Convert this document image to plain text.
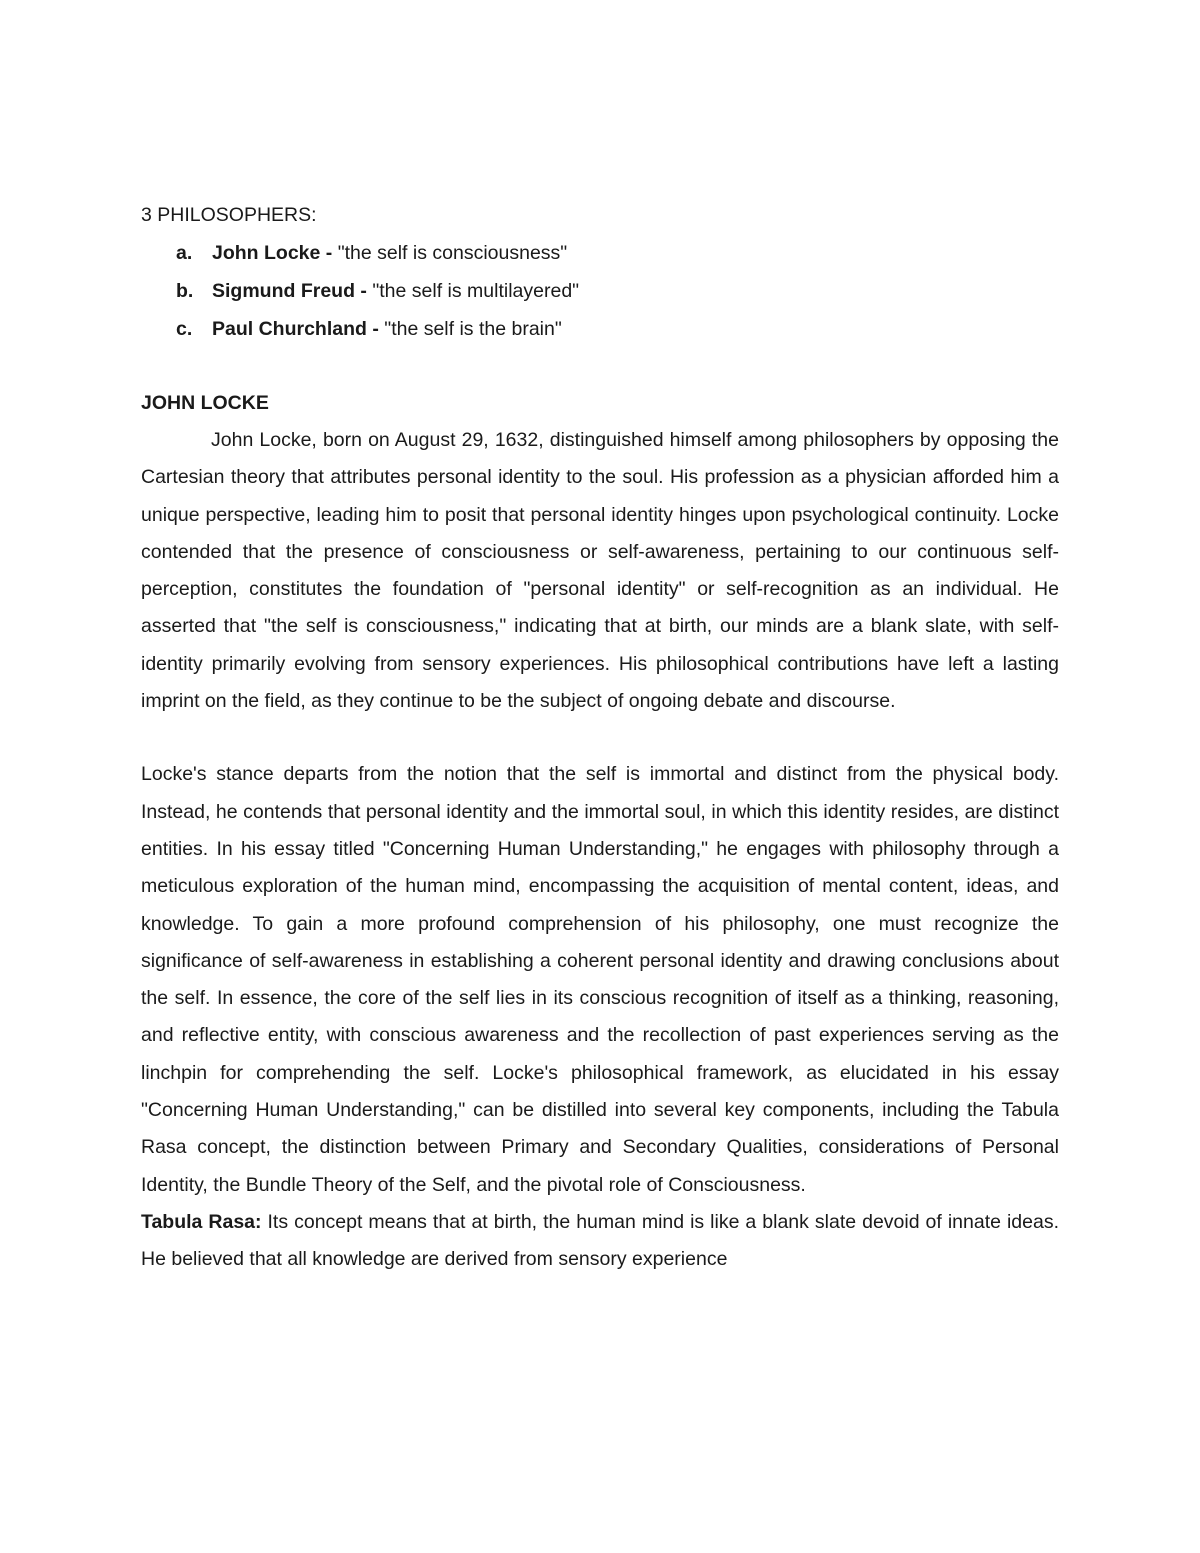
3 PHILOSOPHERS:

a.	John Locke - "the self is consciousness"
b. Sigmund Freud - "the self is multilayered"
c.	Paul Churchland - "the self is the brain"
JOHN LOCKE

John Locke, born on August 29, 1632, distinguished himself among philosophers by opposing the Cartesian theory that attributes personal identity to the soul. His profession as a physician afforded him a unique perspective, leading him to posit that personal identity hinges upon psychological continuity. Locke contended that the presence of consciousness or self-awareness, pertaining to our continuous self-perception, constitutes the foundation of "personal identity" or self-recognition as an individual. He asserted that "the self is consciousness," indicating that at birth, our minds are a blank slate, with self-identity primarily evolving from sensory experiences. His philosophical contributions have left a lasting imprint on the field, as they continue to be the subject of ongoing debate and discourse.

Locke's stance departs from the notion that the self is immortal and distinct from the physical body. Instead, he contends that personal identity and the immortal soul, in which this identity resides, are distinct entities. In his essay titled "Concerning Human Understanding," he engages with philosophy through a meticulous exploration of the human mind, encompassing the acquisition of mental content, ideas, and knowledge. To gain a more profound comprehension of his philosophy, one must recognize the significance of self-awareness in establishing a coherent personal identity and drawing conclusions about the self. In essence, the core of the self lies in its conscious recognition of itself as a thinking, reasoning, and reflective entity, with conscious awareness and the recollection of past experiences serving as the linchpin for comprehending the self. Locke's philosophical framework, as elucidated in his essay "Concerning Human Understanding," can be distilled into several key components, including the Tabula Rasa concept, the distinction between Primary and Secondary Qualities, considerations of Personal Identity, the Bundle Theory of the Self, and the pivotal role of Consciousness.

Tabula Rasa: Its concept means that at birth, the human mind is like a blank slate devoid of innate ideas. He believed that all knowledge are derived from sensory experience
